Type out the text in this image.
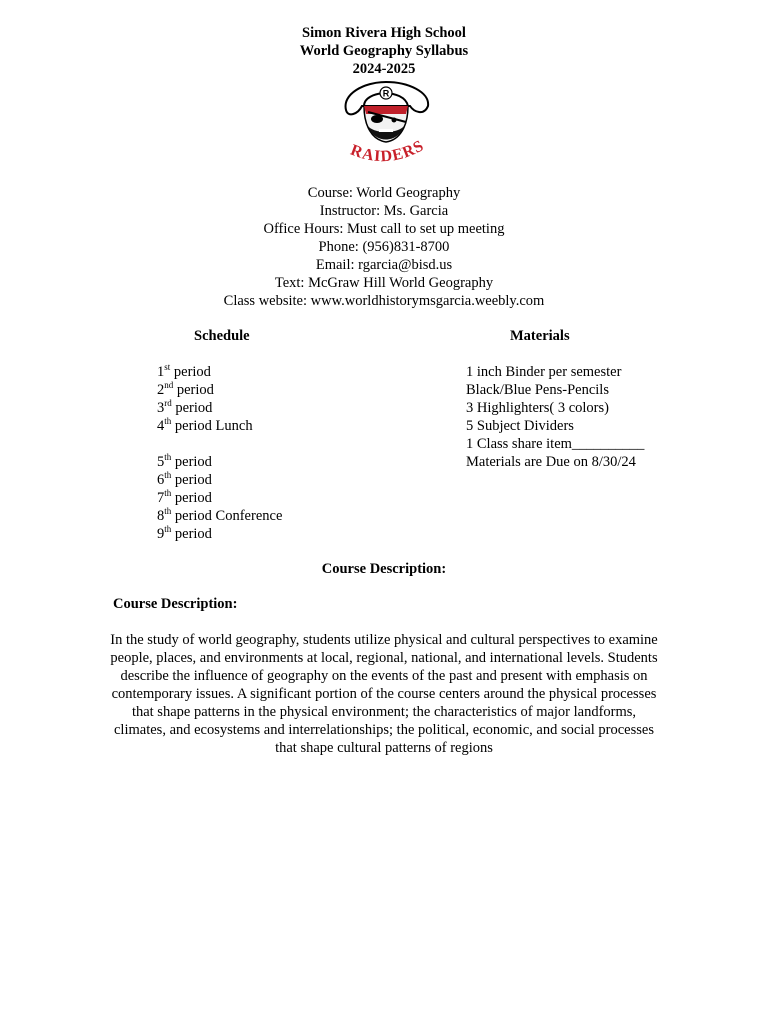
Simon Rivera High School
World Geography Syllabus
2024-2025
R
RAIDERS
Course: World Geography
Instructor: Ms. Garcia
Office Hours: Must call to set up meeting
Phone: (956)831-8700
Email: rgarcia@bisd.us
Text: McGraw Hill World Geography
Class website: www.worldhistorymsgarcia.weebly.com
Schedule	Materials
1st period
2nd period
3rd period
4th period Lunch
5th period
6th period
7th period
8th period Conference
9th period
1 inch Binder per semester
Black/Blue Pens-Pencils
3 Highlighters( 3 colors)
5 Subject Dividers
1 Class share item__________
Materials are Due on 8/30/24
Course Description:
Course Description:
In the study of world geography, students utilize physical and cultural perspectives to examine people, places, and environments at local, regional, national, and international levels. Students describe the influence of geography on the events of the past and present with emphasis on contemporary issues. A significant portion of the course centers around the physical processes that shape patterns in the physical environment; the characteristics of major landforms, climates, and ecosystems and interrelationships; the political, economic, and social processes that shape cultural patterns of regions
